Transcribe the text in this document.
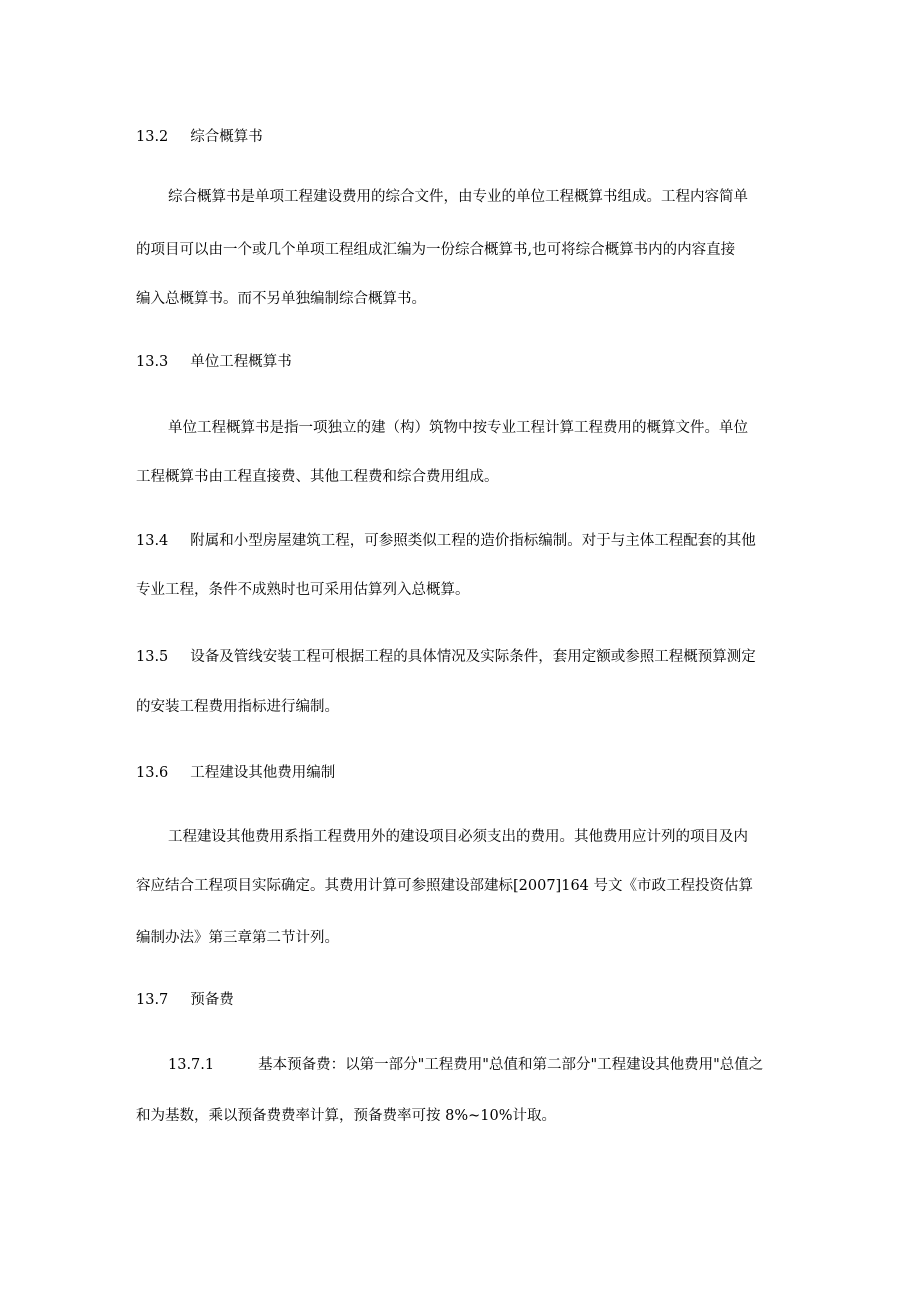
13.2 综合概算书
综合概算书是单项工程建设费用的综合文件，由专业的单位工程概算书组成。工程内容简单
的项目可以由一个或几个单项工程组成汇编为一份综合概算书,也可将综合概算书内的内容直接
编入总概算书。而不另单独编制综合概算书。
13.3 单位工程概算书
单位工程概算书是指一项独立的建（构）筑物中按专业工程计算工程费用的概算文件。单位
工程概算书由工程直接费、其他工程费和综合费用组成。
13.4 附属和小型房屋建筑工程，可参照类似工程的造价指标编制。对于与主体工程配套的其他
专业工程，条件不成熟时也可采用估算列入总概算。
13.5 设备及管线安装工程可根据工程的具体情况及实际条件，套用定额或参照工程概预算测定
的安装工程费用指标进行编制。
13.6 工程建设其他费用编制
工程建设其他费用系指工程费用外的建设项目必须支出的费用。其他费用应计列的项目及内
容应结合工程项目实际确定。其费用计算可参照建设部建标[2007]164 号文《市政工程投资估算
编制办法》第三章第二节计列。
13.7 预备费
13.7.1	基本预备费：以第一部分"工程费用"总值和第二部分"工程建设其他费用"总值之
和为基数，乘以预备费费率计算，预备费率可按 8%~10%计取。
